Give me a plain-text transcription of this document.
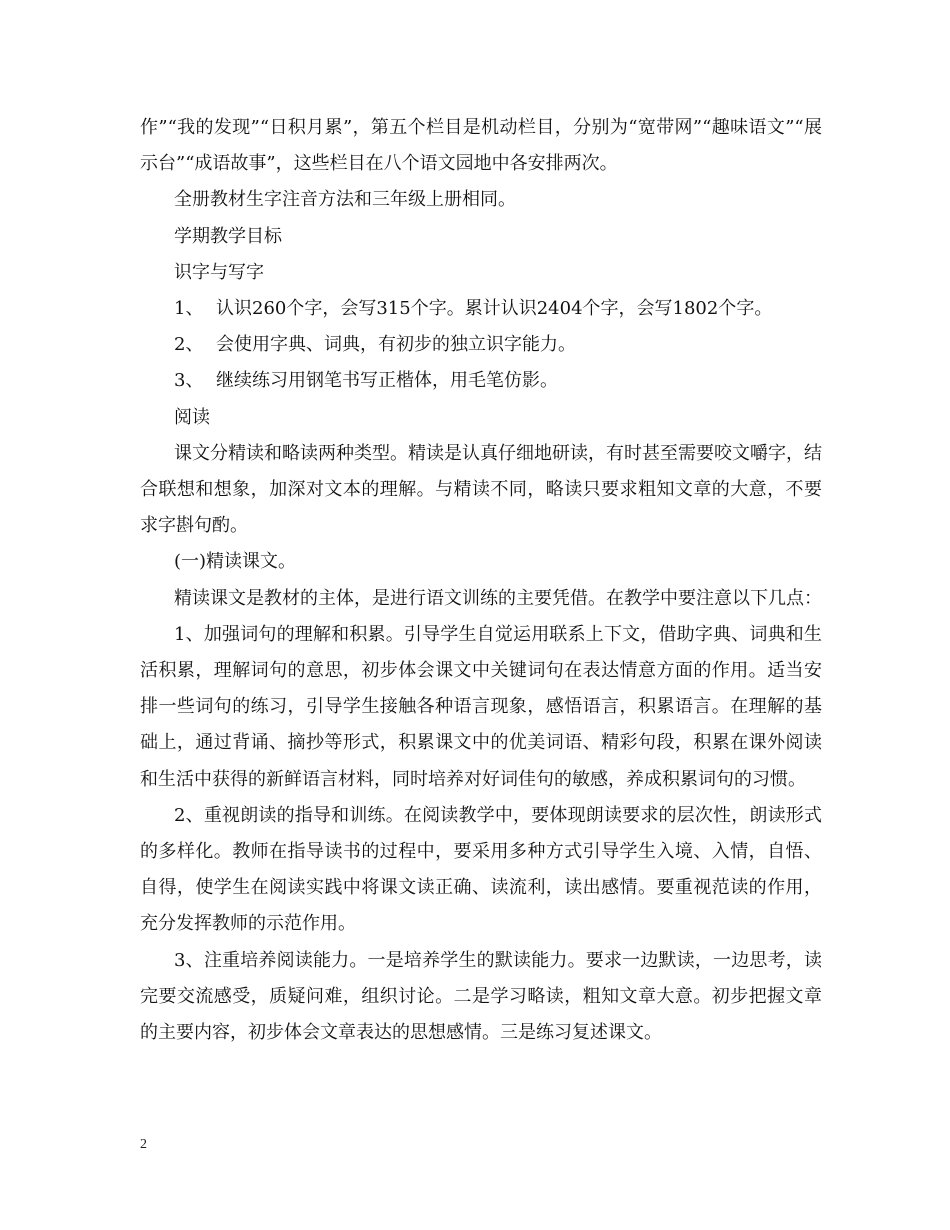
作”“我的发现”“日积月累”，第五个栏目是机动栏目，分别为“宽带网”“趣味语文”“展示台”“成语故事”，这些栏目在八个语文园地中各安排两次。

全册教材生字注音方法和三年级上册相同。

学期教学目标

识字与写字

1、 认识260个字，会写315个字。累计认识2404个字，会写1802个字。

2、 会使用字典、词典，有初步的独立识字能力。

3、 继续练习用钢笔书写正楷体，用毛笔仿影。

阅读

课文分精读和略读两种类型。精读是认真仔细地研读，有时甚至需要咬文嚼字，结合联想和想象，加深对文本的理解。与精读不同，略读只要求粗知文章的大意，不要求字斟句酌。

(一)精读课文。

精读课文是教材的主体，是进行语文训练的主要凭借。在教学中要注意以下几点：

1、加强词句的理解和积累。引导学生自觉运用联系上下文，借助字典、词典和生活积累，理解词句的意思，初步体会课文中关键词句在表达情意方面的作用。适当安排一些词句的练习，引导学生接触各种语言现象，感悟语言，积累语言。在理解的基础上，通过背诵、摘抄等形式，积累课文中的优美词语、精彩句段，积累在课外阅读和生活中获得的新鲜语言材料，同时培养对好词佳句的敏感，养成积累词句的习惯。

2、重视朗读的指导和训练。在阅读教学中，要体现朗读要求的层次性，朗读形式的多样化。教师在指导读书的过程中，要采用多种方式引导学生入境、入情，自悟、自得，使学生在阅读实践中将课文读正确、读流利，读出感情。要重视范读的作用，充分发挥教师的示范作用。

3、注重培养阅读能力。一是培养学生的默读能力。要求一边默读，一边思考，读完要交流感受，质疑问难，组织讨论。二是学习略读，粗知文章大意。初步把握文章的主要内容，初步体会文章表达的思想感情。三是练习复述课文。

2
